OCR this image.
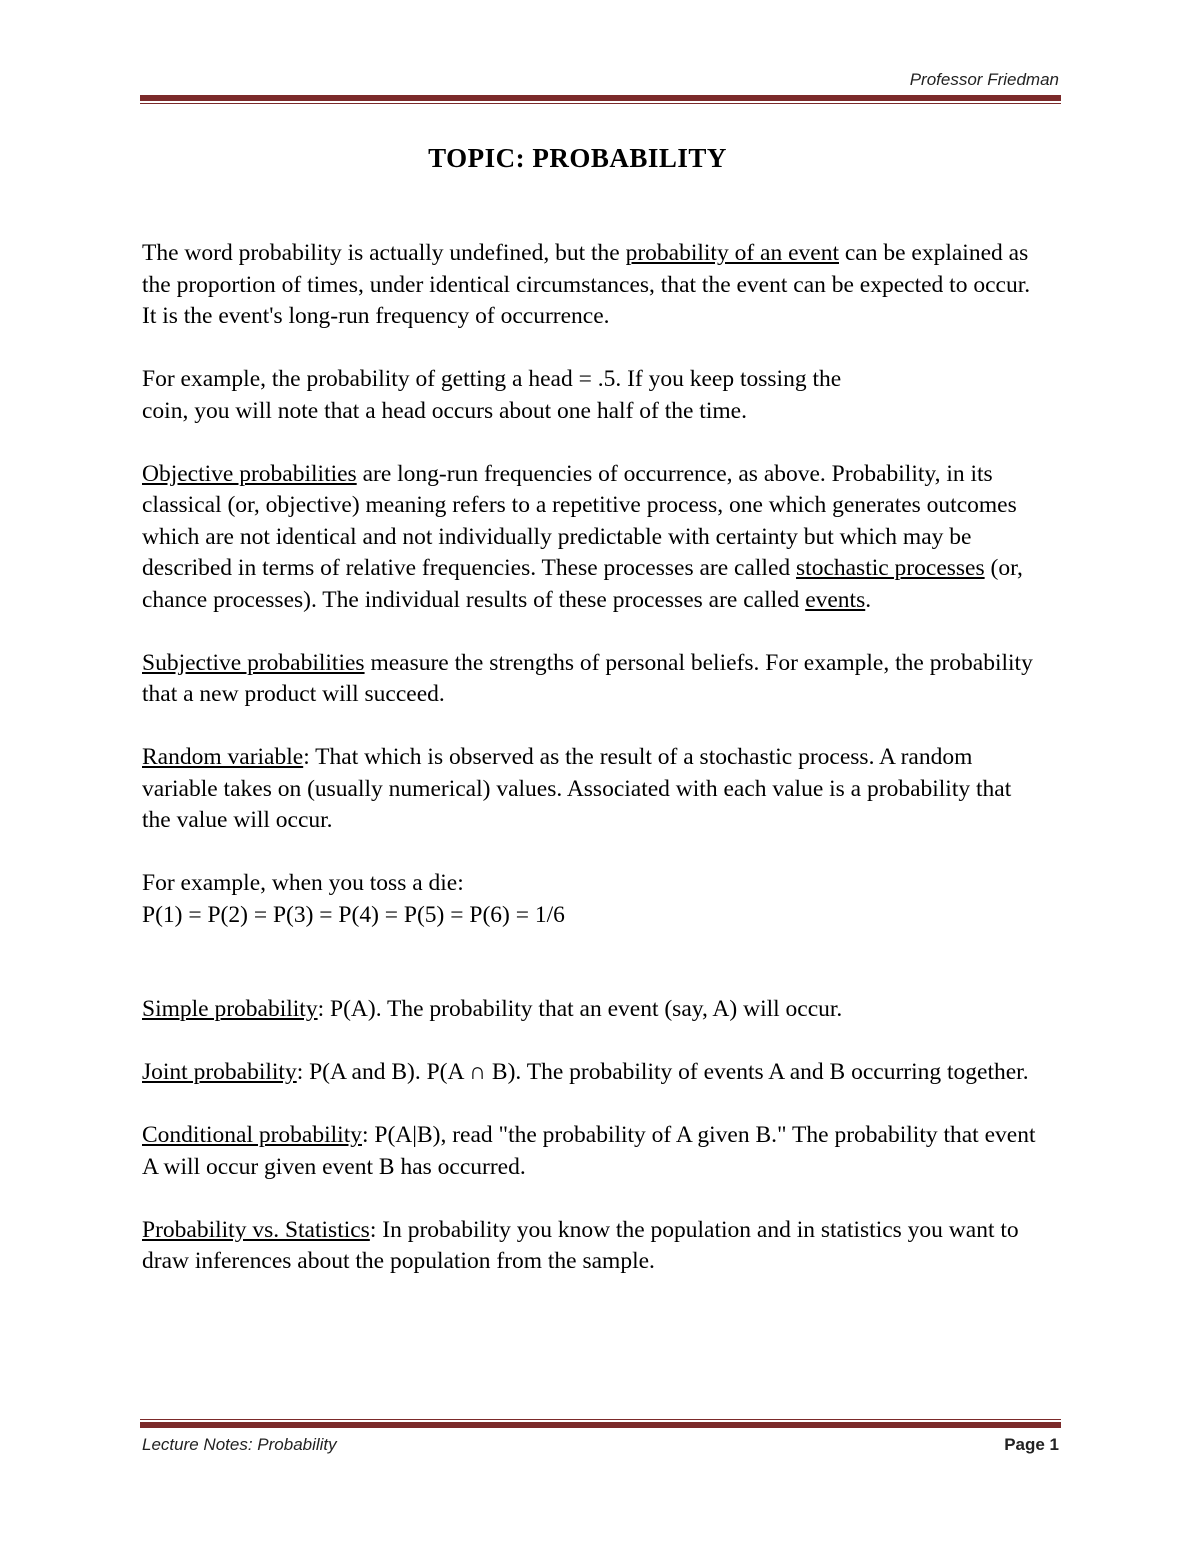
Professor Friedman
TOPIC: PROBABILITY

The word probability is actually undefined, but the probability of an event can be explained as the proportion of times, under identical circumstances, that the event can be expected to occur. It is the event's long-run frequency of occurrence.

For example, the probability of getting a head = .5. If you keep tossing the
coin, you will note that a head occurs about one half of the time.

Objective probabilities are long-run frequencies of occurrence, as above. Probability, in its classical (or, objective) meaning refers to a repetitive process, one which generates outcomes which are not identical and not individually predictable with certainty but which may be described in terms of relative frequencies. These processes are called stochastic processes (or, chance processes). The individual results of these processes are called events.

Subjective probabilities measure the strengths of personal beliefs. For example, the probability that a new product will succeed.

Random variable: That which is observed as the result of a stochastic process. A random variable takes on (usually numerical) values. Associated with each value is a probability that the value will occur.

For example, when you toss a die:
P(1) = P(2) = P(3) = P(4) = P(5) = P(6) = 1/6

Simple probability: P(A). The probability that an event (say, A) will occur.

Joint probability: P(A and B). P(A ∩ B). The probability of events A and B occurring together.

Conditional probability: P(A|B), read "the probability of A given B." The probability that event A will occur given event B has occurred.

Probability vs. Statistics: In probability you know the population and in statistics you want to draw inferences about the population from the sample.

Lecture Notes: Probability	Page 1
